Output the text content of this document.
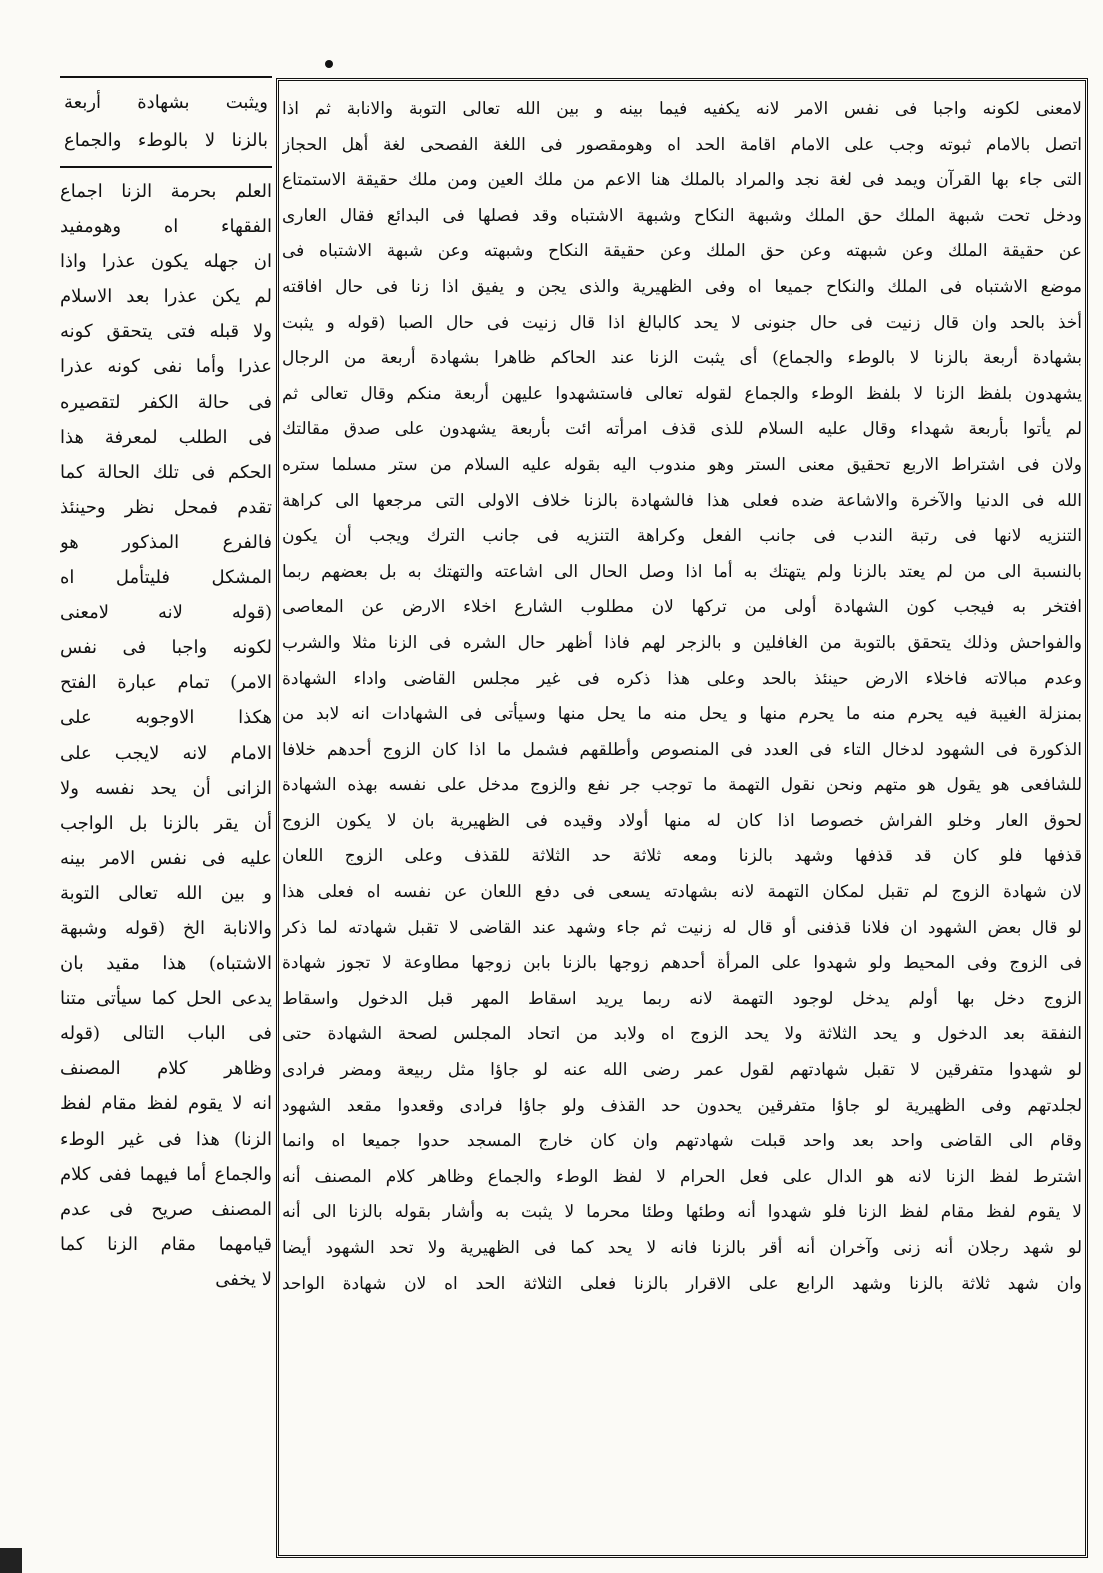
لامعنى لكونه واجبا فى نفس الامر لانه يكفيه فيما بينه و بين الله تعالى التوبة والانابة ثم اذا
اتصل بالامام ثبوته وجب على الامام اقامة الحد اه وهومقصور فى اللغة الفصحى لغة أهل الحجاز
التى جاء بها القرآن ويمد فى لغة نجد والمراد بالملك هنا الاعم من ملك العين ومن ملك حقيقة الاستمتاع
ودخل تحت شبهة الملك حق الملك وشبهة النكاح وشبهة الاشتباه وقد فصلها فى البدائع فقال العارى
عن حقيقة الملك وعن شبهته وعن حق الملك وعن حقيقة النكاح وشبهته وعن شبهة الاشتباه فى
موضع الاشتباه فى الملك والنكاح جميعا اه وفى الظهيرية والذى يجن و يفيق اذا زنا فى حال افاقته
أخذ بالحد وان قال زنيت فى حال جنونى لا يحد كالبالغ اذا قال زنيت فى حال الصبا (قوله و يثبت
بشهادة أربعة بالزنا لا بالوطء والجماع) أى يثبت الزنا عند الحاكم ظاهرا بشهادة أربعة من الرجال
يشهدون بلفظ الزنا لا بلفظ الوطء والجماع لقوله تعالى فاستشهدوا عليهن أربعة منكم وقال تعالى ثم
لم يأتوا بأربعة شهداء وقال عليه السلام للذى قذف امرأته ائت بأربعة يشهدون على صدق مقالتك
ولان فى اشتراط الاربع تحقيق معنى الستر وهو مندوب اليه بقوله عليه السلام من ستر مسلما ستره
الله فى الدنيا والآخرة والاشاعة ضده فعلى هذا فالشهادة بالزنا خلاف الاولى التى مرجعها الى كراهة
التنزيه لانها فى رتبة الندب فى جانب الفعل وكراهة التنزيه فى جانب الترك ويجب أن يكون
بالنسبة الى من لم يعتد بالزنا ولم يتهتك به أما اذا وصل الحال الى اشاعته والتهتك به بل بعضهم ربما
افتخر به فيجب كون الشهادة أولى من تركها لان مطلوب الشارع اخلاء الارض عن المعاصى
والفواحش وذلك يتحقق بالتوبة من الغافلين و بالزجر لهم فاذا أظهر حال الشره فى الزنا مثلا والشرب
وعدم مبالاته فاخلاء الارض حينئذ بالحد وعلى هذا ذكره فى غير مجلس القاضى واداء الشهادة
بمنزلة الغيبة فيه يحرم منه ما يحرم منها و يحل منه ما يحل منها وسيأتى فى الشهادات انه لابد من
الذكورة فى الشهود لدخال التاء فى العدد فى المنصوص وأطلقهم فشمل ما اذا كان الزوج أحدهم خلافا
للشافعى هو يقول هو متهم ونحن نقول التهمة ما توجب جر نفع والزوج مدخل على نفسه بهذه الشهادة
لحوق العار وخلو الفراش خصوصا اذا كان له منها أولاد وقيده فى الظهيرية بان لا يكون الزوج
قذفها فلو كان قد قذفها وشهد بالزنا ومعه ثلاثة حد الثلاثة للقذف وعلى الزوج اللعان
لان شهادة الزوج لم تقبل لمكان التهمة لانه بشهادته يسعى فى دفع اللعان عن نفسه اه فعلى هذا
لو قال بعض الشهود ان فلانا قذفنى أو قال له زنيت ثم جاء وشهد عند القاضى لا تقبل شهادته لما ذكر
فى الزوج وفى المحيط ولو شهدوا على المرأة أحدهم زوجها بالزنا بابن زوجها مطاوعة لا تجوز شهادة
الزوج دخل بها أولم يدخل لوجود التهمة لانه ربما يريد اسقاط المهر قبل الدخول واسقاط
النفقة بعد الدخول و يحد الثلاثة ولا يحد الزوج اه ولابد من اتحاد المجلس لصحة الشهادة حتى
لو شهدوا متفرقين لا تقبل شهادتهم لقول عمر رضى الله عنه لو جاؤا مثل ربيعة ومضر فرادى
لجلدتهم وفى الظهيرية لو جاؤا متفرقين يحدون حد القذف ولو جاؤا فرادى وقعدوا مقعد الشهود
وقام الى القاضى واحد بعد واحد قبلت شهادتهم وان كان خارج المسجد حدوا جميعا اه وانما
اشترط لفظ الزنا لانه هو الدال على فعل الحرام لا لفظ الوطء والجماع وظاهر كلام المصنف أنه
لا يقوم لفظ مقام لفظ الزنا فلو شهدوا أنه وطئها وطئا محرما لا يثبت به وأشار بقوله بالزنا الى أنه
لو شهد رجلان أنه زنى وآخران أنه أقر بالزنا فانه لا يحد كما فى الظهيرية ولا تحد الشهود أيضا
وان شهد ثلاثة بالزنا وشهد الرابع على الاقرار بالزنا فعلى الثلاثة الحد اه لان شهادة الواحد
ويثبت بشهادة أربعة
بالزنا لا بالوطء والجماع
العلم بحرمة الزنا اجماع
الفقهاء اه وهومفيد
ان جهله يكون عذرا واذا
لم يكن عذرا بعد الاسلام
ولا قبله فتى يتحقق كونه
عذرا وأما نفى كونه عذرا
فى حالة الكفر لتقصيره
فى الطلب لمعرفة هذا
الحكم فى تلك الحالة كما
تقدم فمحل نظر وحينئذ
فالفرع المذكور هو
المشكل فليتأمل اه
(قوله لانه لامعنى
لكونه واجبا فى نفس
الامر) تمام عبارة الفتح
هكذا الاوجوبه على
الامام لانه لايجب على
الزانى أن يحد نفسه ولا
أن يقر بالزنا بل الواجب
عليه فى نفس الامر بينه
و بين الله تعالى التوبة
والانابة الخ (قوله وشبهة
الاشتباه) هذا مقيد بان
يدعى الحل كما سيأتى متنا
فى الباب التالى (قوله
وظاهر كلام المصنف
انه لا يقوم لفظ مقام لفظ
الزنا) هذا فى غير الوطء
والجماع أما فيهما ففى كلام
المصنف صريح فى عدم
قيامهما مقام الزنا كما
لا يخفى
